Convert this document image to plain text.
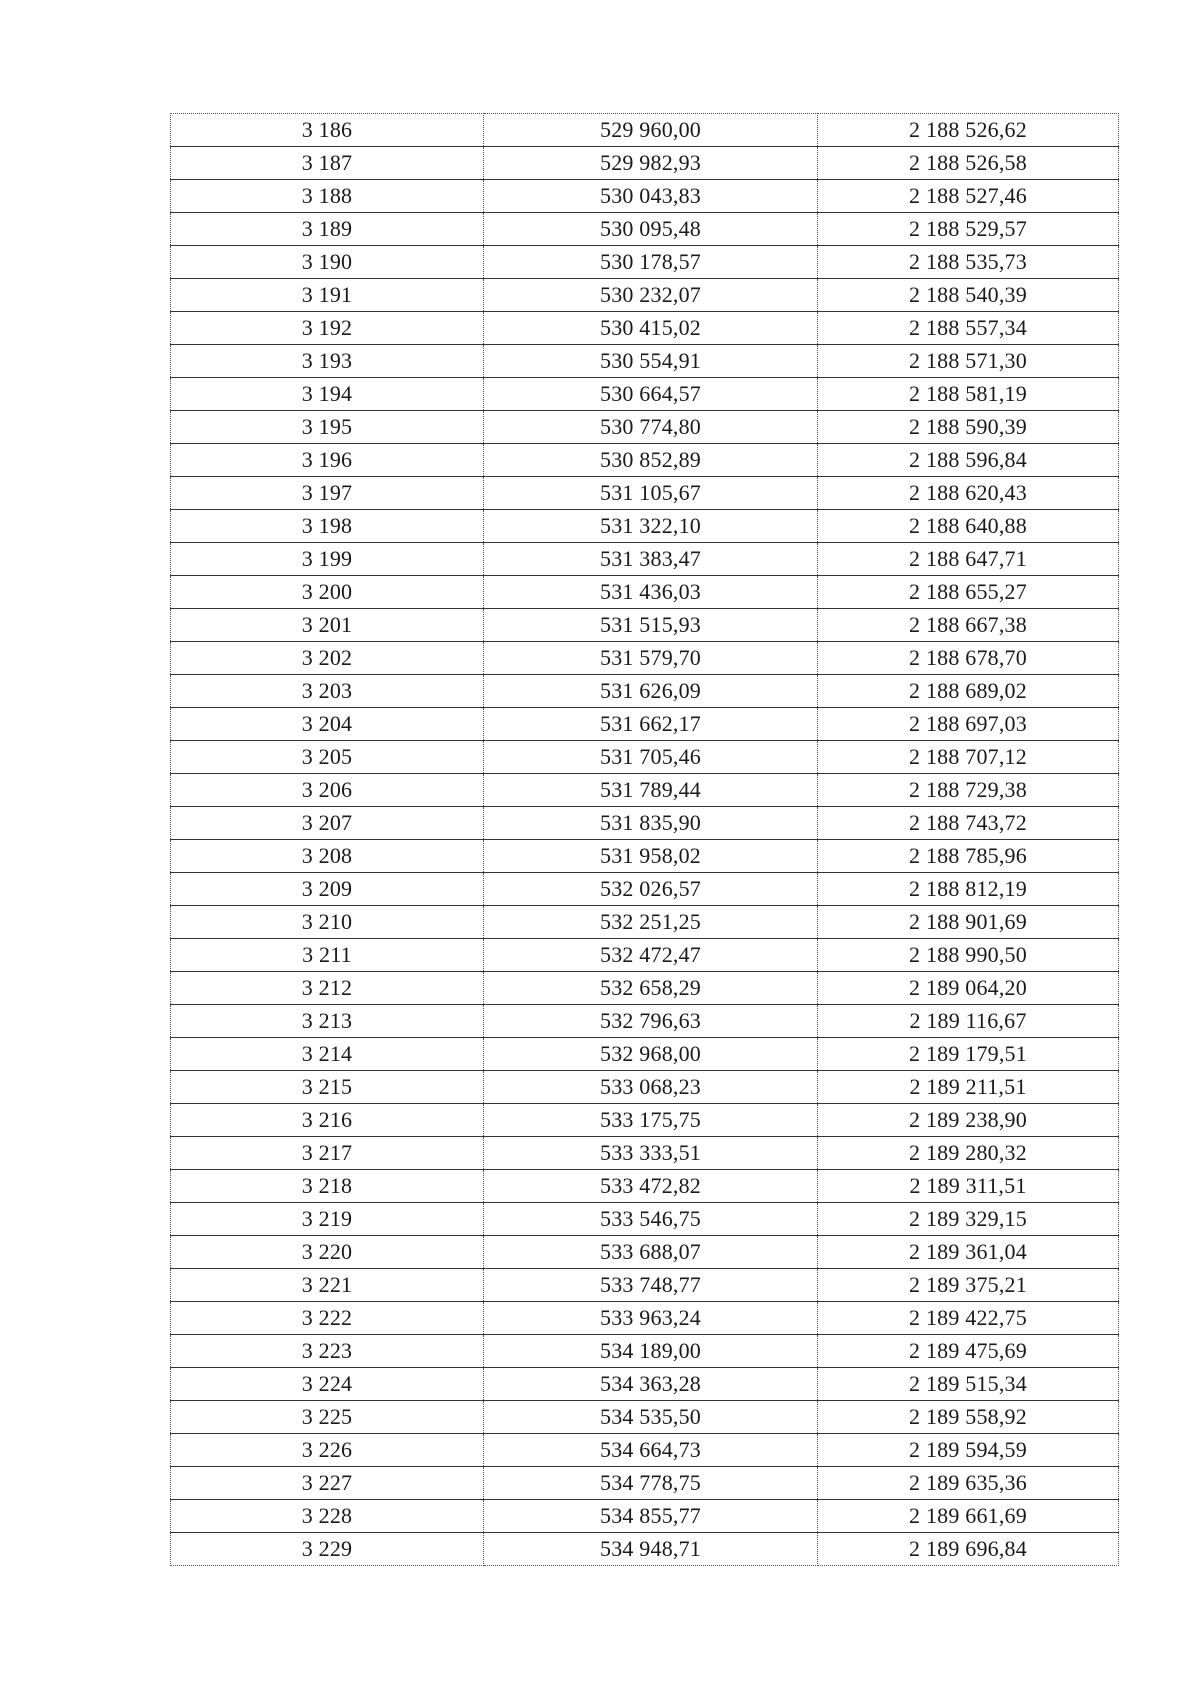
3 186	529 960,00	2 188 526,62
3 187	529 982,93	2 188 526,58
3 188	530 043,83	2 188 527,46
3 189	530 095,48	2 188 529,57
3 190	530 178,57	2 188 535,73
3 191	530 232,07	2 188 540,39
3 192	530 415,02	2 188 557,34
3 193	530 554,91	2 188 571,30
3 194	530 664,57	2 188 581,19
3 195	530 774,80	2 188 590,39
3 196	530 852,89	2 188 596,84
3 197	531 105,67	2 188 620,43
3 198	531 322,10	2 188 640,88
3 199	531 383,47	2 188 647,71
3 200	531 436,03	2 188 655,27
3 201	531 515,93	2 188 667,38
3 202	531 579,70	2 188 678,70
3 203	531 626,09	2 188 689,02
3 204	531 662,17	2 188 697,03
3 205	531 705,46	2 188 707,12
3 206	531 789,44	2 188 729,38
3 207	531 835,90	2 188 743,72
3 208	531 958,02	2 188 785,96
3 209	532 026,57	2 188 812,19
3 210	532 251,25	2 188 901,69
3 211	532 472,47	2 188 990,50
3 212	532 658,29	2 189 064,20
3 213	532 796,63	2 189 116,67
3 214	532 968,00	2 189 179,51
3 215	533 068,23	2 189 211,51
3 216	533 175,75	2 189 238,90
3 217	533 333,51	2 189 280,32
3 218	533 472,82	2 189 311,51
3 219	533 546,75	2 189 329,15
3 220	533 688,07	2 189 361,04
3 221	533 748,77	2 189 375,21
3 222	533 963,24	2 189 422,75
3 223	534 189,00	2 189 475,69
3 224	534 363,28	2 189 515,34
3 225	534 535,50	2 189 558,92
3 226	534 664,73	2 189 594,59
3 227	534 778,75	2 189 635,36
3 228	534 855,77	2 189 661,69
3 229	534 948,71	2 189 696,84
